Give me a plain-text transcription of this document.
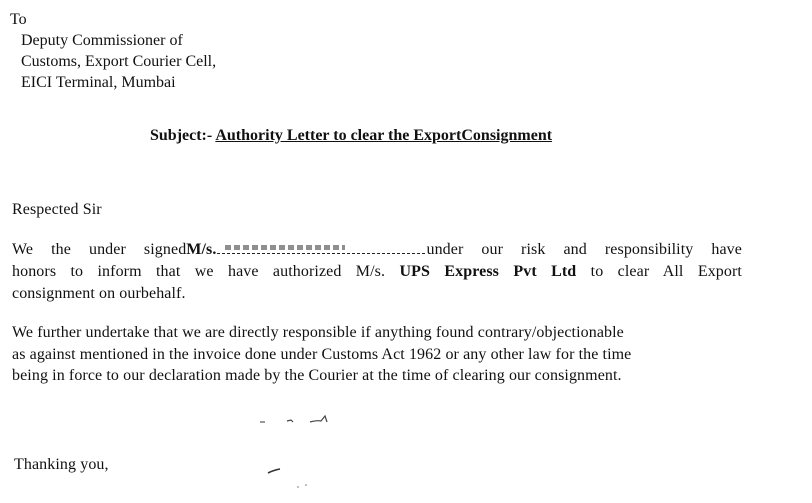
To
Deputy Commissioner of
Customs, Export Courier Cell,
EICI Terminal, Mumbai
Subject:- Authority Letter to clear the ExportConsignment
Respected Sir
We the under signedM/s.	under our risk and responsibility have
honors to inform that we have authorized M/s. UPS Express Pvt Ltd to clear All Export
consignment on ourbehalf.
We further undertake that we are directly responsible if anything found contrary/objectionable
as against mentioned in the invoice done under Customs Act 1962 or any other law for the time
being in force to our declaration made by the Courier at the time of clearing our consignment.
Thanking you,
